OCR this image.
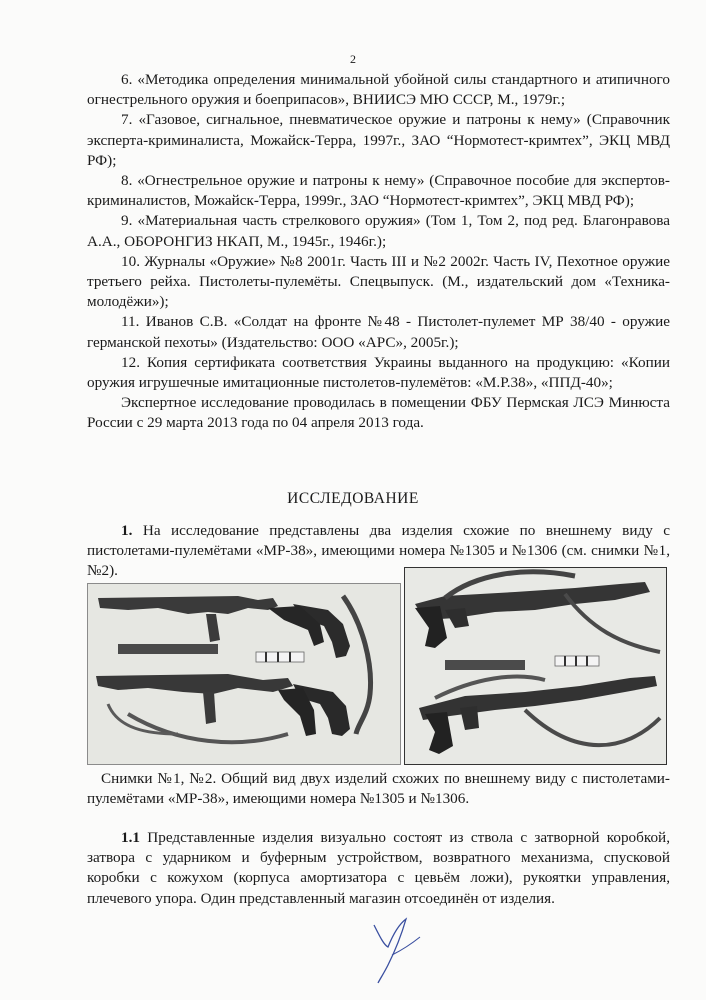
2

6. «Методика определения минимальной убойной силы стандартного и атипичного огнестрельного оружия и боеприпасов», ВНИИСЭ МЮ СССР, М., 1979г.;

7. «Газовое, сигнальное, пневматическое оружие и патроны к нему» (Справочник эксперта-криминалиста, Можайск-Терра, 1997г., ЗАО “Нормотест-кримтех”, ЭКЦ МВД РФ);

8. «Огнестрельное оружие и патроны к нему» (Справочное пособие для экспертов-криминалистов, Можайск-Терра, 1999г., ЗАО “Нормотест-кримтех”, ЭКЦ МВД РФ);

9. «Материальная часть стрелкового оружия» (Том 1, Том 2, под ред. Благонравова А.А., ОБОРОНГИЗ НКАП, М., 1945г., 1946г.);

10. Журналы «Оружие» №8 2001г. Часть III и №2 2002г. Часть IV, Пехотное оружие третьего рейха. Пистолеты-пулемёты. Спецвыпуск. (М., издательский дом «Техника-молодёжи»);

11. Иванов С.В. «Солдат на фронте №48 - Пистолет-пулемет МР 38/40 - оружие германской пехоты» (Издательство: ООО «АРС», 2005г.);

12. Копия сертификата соответствия Украины выданного на продукцию: «Копии оружия игрушечные имитационные пистолетов-пулемётов: «М.Р.38», «ППД-40»;

Экспертное исследование проводилась в помещении ФБУ Пермская ЛСЭ Минюста России с 29 марта 2013 года по 04 апреля 2013 года.

ИССЛЕДОВАНИЕ

1. На исследование представлены два изделия схожие по внешнему виду с пистолетами-пулемётами «МР-38», имеющими номера №1305 и №1306 (см. снимки №1, №2).

Снимки №1, №2. Общий вид двух изделий схожих по внешнему виду с пистолетами-пулемётами «МР-38», имеющими номера №1305 и №1306.

1.1 Представленные изделия визуально состоят из ствола с затворной коробкой, затвора с ударником и буферным устройством, возвратного механизма, спусковой коробки с кожухом (корпуса амортизатора с цевьём ложи), рукоятки управления, плечевого упора. Один представленный магазин отсоединён от изделия.
